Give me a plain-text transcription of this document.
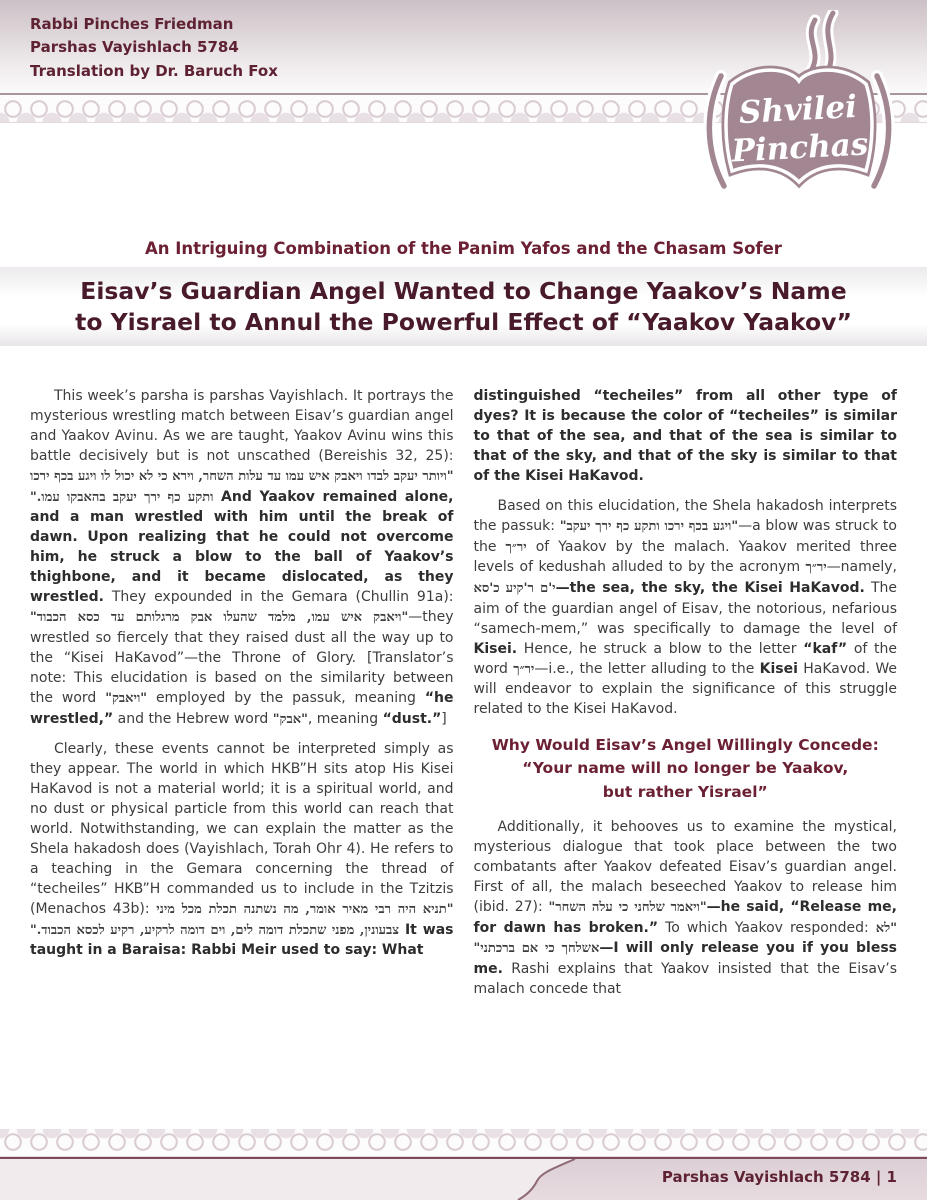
Rabbi Pinches Friedman
Parshas Vayishlach 5784
Translation by Dr. Baruch Fox
Shvilei
Pinchas
An Intriguing Combination of the Panim Yafos and the Chasam Sofer
Eisav’s Guardian Angel Wanted to Change Yaakov’s Name to Yisrael to Annul the Powerful Effect of “Yaakov Yaakov”

This week’s parsha is parshas Vayishlach. It portrays the mysterious wrestling match between Eisav’s guardian angel and Yaakov Avinu. As we are taught, Yaakov Avinu wins this battle decisively but is not unscathed (Bereishis 32, 25): "ויותר יעקב לבדו ויאבק איש עמו עד עלות השחר, וירא כי לא יכול לו ויגע בכף ירכו ותקע כף ירך יעקב בהאבקו עמו." And Yaakov remained alone, and a man wrestled with him until the break of dawn. Upon realizing that he could not overcome him, he struck a blow to the ball of Yaakov’s thighbone, and it became dislocated, as they wrestled. They expounded in the Gemara (Chullin 91a): "ויאבק איש עמו, מלמד שהעלו אבק מרגלותם עד כסא הכבוד"—they wrestled so fiercely that they raised dust all the way up to the “Kisei HaKavod”—the Throne of Glory. [Translator’s note: This elucidation is based on the similarity between the word "ויאבק" employed by the passuk, meaning “he wrestled,” and the Hebrew word "אבק", meaning “dust.”]

Clearly, these events cannot be interpreted simply as they appear. The world in which HKB”H sits atop His Kisei HaKavod is not a material world; it is a spiritual world, and no dust or physical particle from this world can reach that world. Notwithstanding, we can explain the matter as the Shela hakadosh does (Vayishlach, Torah Ohr 4). He refers to a teaching in the Gemara concerning the thread of “techeiles” HKB”H commanded us to include in the Tzitzis (Menachos 43b): "תניא היה רבי מאיר אומר, מה נשתנה תכלת מכל מיני צבעונין, מפני שתכלת דומה לים, וים דומה לרקיע, רקיע לכסא הכבוד." It was taught in a Baraisa: Rabbi Meir used to say: What

distinguished “techeiles” from all other type of dyes? It is because the color of “techeiles” is similar to that of the sea, and that of the sea is similar to that of the sky, and that of the sky is similar to that of the Kisei HaKavod.

Based on this elucidation, the Shela hakadosh interprets the passuk: "ויגע בכף ירכו ותקע כף ירך יעקב"—a blow was struck to the יר״ך of Yaakov by the malach. Yaakov merited three levels of kedushah alluded to by the acronym יר״ך—namely, י'ם ר'קיע כ'סא—the sea, the sky, the Kisei HaKavod. The aim of the guardian angel of Eisav, the notorious, nefarious “samech-mem,” was specifically to damage the level of Kisei. Hence, he struck a blow to the letter “kaf” of the word יר״ך—i.e., the letter alluding to the Kisei HaKavod. We will endeavor to explain the significance of this struggle related to the Kisei HaKavod.

Why Would Eisav’s Angel Willingly Concede:
“Your name will no longer be Yaakov,
but rather Yisrael”

Additionally, it behooves us to examine the mystical, mysterious dialogue that took place between the two combatants after Yaakov defeated Eisav’s guardian angel. First of all, the malach beseeched Yaakov to release him (ibid. 27): "ויאמר שלחני כי עלה השחר"—he said, “Release me, for dawn has broken.” To which Yaakov responded: "לא אשלחך כי אם ברכתני"—I will only release you if you bless me. Rashi explains that Yaakov insisted that the Eisav’s malach concede that

Parshas Vayishlach 5784 | 1
